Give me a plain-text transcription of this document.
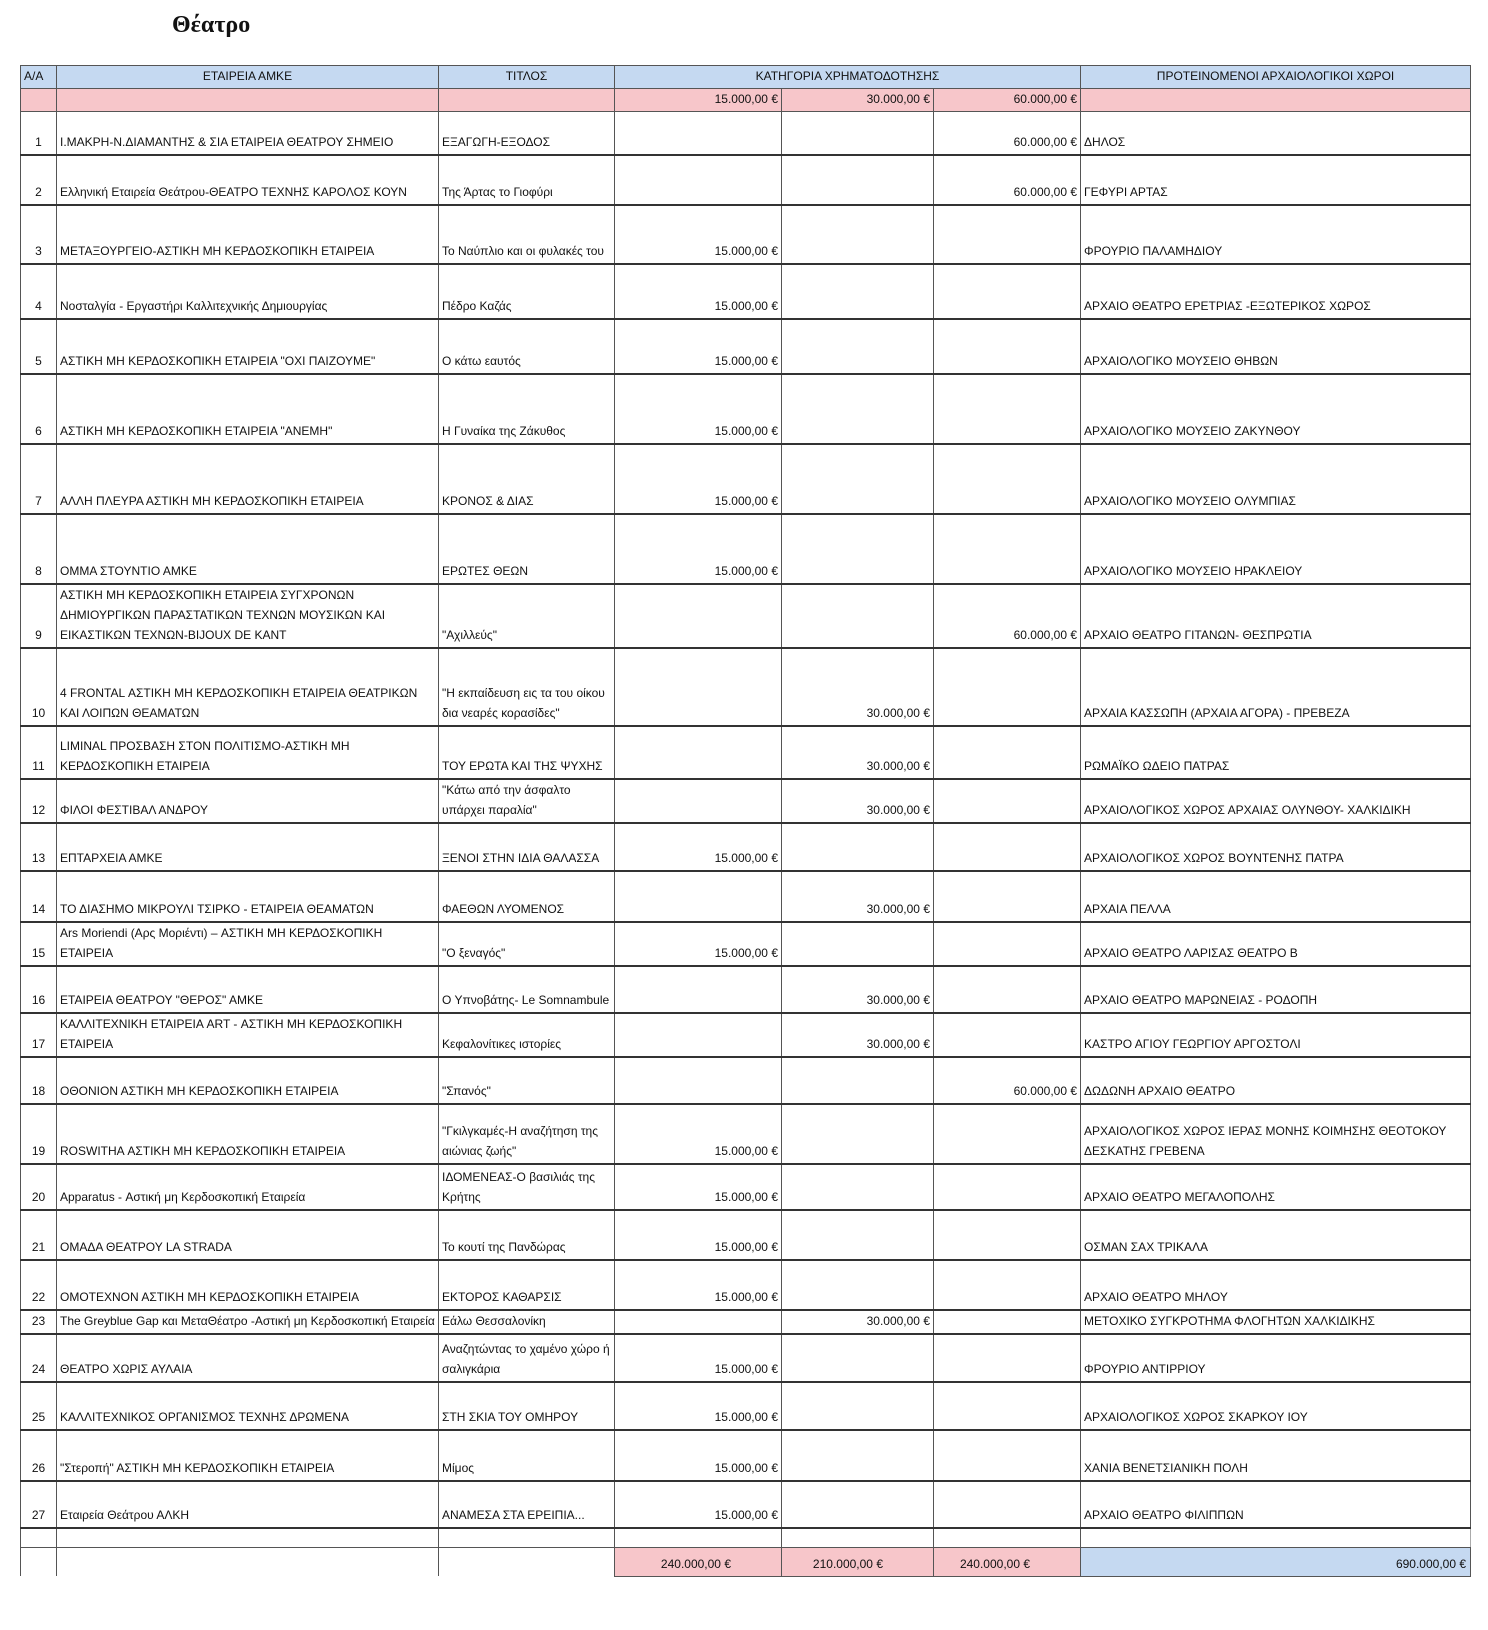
Θέατρο
Α/Α	ΕΤΑΙΡΕΙΑ ΑΜΚΕ	ΤΙΤΛΟΣ	ΚΑΤΗΓΟΡΙΑ ΧΡΗΜΑΤΟΔΟΤΗΣΗΣ			ΠΡΟΤΕΙΝΟΜΕΝΟΙ ΑΡΧΑΙΟΛΟΓΙΚΟΙ ΧΩΡΟΙ
			15.000,00 €	30.000,00 €	60.000,00 €	
1	Ι.ΜΑΚΡΗ-Ν.ΔΙΑΜΑΝΤΗΣ & ΣΙΑ ΕΤΑΙΡΕΙΑ ΘΕΑΤΡΟΥ ΣΗΜΕΙΟ	ΕΞΑΓΩΓΗ-ΕΞΟΔΟΣ			60.000,00 €	ΔΗΛΟΣ
2	Ελληνική Εταιρεία Θεάτρου-ΘΕΑΤΡΟ ΤΕΧΝΗΣ ΚΑΡΟΛΟΣ ΚΟΥΝ	Της Άρτας το Γιοφύρι			60.000,00 €	ΓΕΦΥΡΙ ΑΡΤΑΣ
3	ΜΕΤΑΞΟΥΡΓΕΙΟ-ΑΣΤΙΚΗ ΜΗ ΚΕΡΔΟΣΚΟΠΙΚΗ ΕΤΑΙΡΕΙΑ	Το Ναύπλιο και οι φυλακές του	15.000,00 €			ΦΡΟΥΡΙΟ ΠΑΛΑΜΗΔΙΟΥ
4	Νοσταλγία - Εργαστήρι Καλλιτεχνικής Δημιουργίας	Πέδρο Καζάς	15.000,00 €			ΑΡΧΑΙΟ ΘΕΑΤΡΟ ΕΡΕΤΡΙΑΣ -ΕΞΩΤΕΡΙΚΟΣ ΧΩΡΟΣ
5	ΑΣΤΙΚΗ ΜΗ ΚΕΡΔΟΣΚΟΠΙΚΗ ΕΤΑΙΡΕΙΑ "ΟΧΙ ΠΑΙΖΟΥΜΕ"	Ο κάτω εαυτός	15.000,00 €			ΑΡΧΑΙΟΛΟΓΙΚΟ ΜΟΥΣΕΙΟ ΘΗΒΩΝ
6	ΑΣΤΙΚΗ ΜΗ ΚΕΡΔΟΣΚΟΠΙΚΗ ΕΤΑΙΡΕΙΑ "ΑΝΕΜΗ"	Η Γυναίκα της Ζάκυθος	15.000,00 €			ΑΡΧΑΙΟΛΟΓΙΚΟ ΜΟΥΣΕΙΟ ΖΑΚΥΝΘΟΥ
7	ΑΛΛΗ ΠΛΕΥΡΑ ΑΣΤΙΚΗ ΜΗ ΚΕΡΔΟΣΚΟΠΙΚΗ ΕΤΑΙΡΕΙΑ	ΚΡΟΝΟΣ & ΔΙΑΣ	15.000,00 €			ΑΡΧΑΙΟΛΟΓΙΚΟ ΜΟΥΣΕΙΟ ΟΛΥΜΠΙΑΣ
8	ΟΜΜΑ ΣΤΟΥΝΤΙΟ ΑΜΚΕ	ΕΡΩΤΕΣ ΘΕΩΝ	15.000,00 €			ΑΡΧΑΙΟΛΟΓΙΚΟ ΜΟΥΣΕΙΟ ΗΡΑΚΛΕΙΟΥ
9	ΑΣΤΙΚΗ ΜΗ ΚΕΡΔΟΣΚΟΠΙΚΗ ΕΤΑΙΡΕΙΑ ΣΥΓΧΡΟΝΩΝ ΔΗΜΙΟΥΡΓΙΚΩΝ ΠΑΡΑΣΤΑΤΙΚΩΝ ΤΕΧΝΩΝ ΜΟΥΣΙΚΩΝ ΚΑΙ ΕΙΚΑΣΤΙΚΩΝ ΤΕΧΝΩΝ-BIJOUX DE KANT	"Αχιλλεύς"			60.000,00 €	ΑΡΧΑΙΟ ΘΕΑΤΡΟ ΓΙΤΑΝΩΝ- ΘΕΣΠΡΩΤΙΑ
10	4 FRONTAL ΑΣΤΙΚΗ ΜΗ ΚΕΡΔΟΣΚΟΠΙΚΗ ΕΤΑΙΡΕΙΑ ΘΕΑΤΡΙΚΩΝ ΚΑΙ ΛΟΙΠΩΝ ΘΕΑΜΑΤΩΝ	"Η εκπαίδευση εις τα του οίκου δια νεαρές κορασίδες"		30.000,00 €		ΑΡΧΑΙΑ ΚΑΣΣΩΠΗ (ΑΡΧΑΙΑ ΑΓΟΡΑ) - ΠΡΕΒΕΖΑ
11	LIMINAL ΠΡΟΣΒΑΣΗ ΣΤΟΝ ΠΟΛΙΤΙΣΜΟ-ΑΣΤΙΚΗ ΜΗ ΚΕΡΔΟΣΚΟΠΙΚΗ ΕΤΑΙΡΕΙΑ	ΤΟΥ ΕΡΩΤΑ ΚΑΙ ΤΗΣ ΨΥΧΗΣ		30.000,00 €		ΡΩΜΑΪΚΟ ΩΔΕΙΟ ΠΑΤΡΑΣ
12	ΦΙΛΟΙ ΦΕΣΤΙΒΑΛ ΑΝΔΡΟΥ	"Κάτω από την άσφαλτο υπάρχει παραλία"		30.000,00 €		ΑΡΧΑΙΟΛΟΓΙΚΟΣ ΧΩΡΟΣ ΑΡΧΑΙΑΣ ΟΛΥΝΘΟΥ- ΧΑΛΚΙΔΙΚΗ
13	ΕΠΤΑΡΧΕΙΑ ΑΜΚΕ	ΞΕΝΟΙ ΣΤΗΝ ΙΔΙΑ ΘΑΛΑΣΣΑ	15.000,00 €			ΑΡΧΑΙΟΛΟΓΙΚΟΣ ΧΩΡΟΣ ΒΟΥΝΤΕΝΗΣ ΠΑΤΡΑ
14	ΤΟ ΔΙΑΣΗΜΟ ΜΙΚΡΟΥΛΙ ΤΣΙΡΚΟ - ΕΤΑΙΡΕΙΑ ΘΕΑΜΑΤΩΝ	ΦΑΕΘΩΝ ΛΥΟΜΕΝΟΣ		30.000,00 €		ΑΡΧΑΙΑ ΠΕΛΛΑ
15	Ars Moriendi (Αρς Μοριέντι) – ΑΣΤΙΚΗ ΜΗ ΚΕΡΔΟΣΚΟΠΙΚΗ ΕΤΑΙΡΕΙΑ	"Ο ξεναγός"	15.000,00 €			ΑΡΧΑΙΟ ΘΕΑΤΡΟ ΛΑΡΙΣΑΣ ΘΕΑΤΡΟ Β
16	ΕΤΑΙΡΕΙΑ ΘΕΑΤΡΟΥ "ΘΕΡΟΣ" ΑΜΚΕ	Ο Υπνοβάτης- Le Somnambule		30.000,00 €		ΑΡΧΑΙΟ ΘΕΑΤΡΟ ΜΑΡΩΝΕΙΑΣ - ΡΟΔΟΠΗ
17	ΚΑΛΛΙΤΕΧΝΙΚΗ ΕΤΑΙΡΕΙΑ ART - ΑΣΤΙΚΗ ΜΗ ΚΕΡΔΟΣΚΟΠΙΚΗ ΕΤΑΙΡΕΙΑ	Κεφαλονίτικες ιστορίες		30.000,00 €		ΚΑΣΤΡΟ ΑΓΙΟΥ ΓΕΩΡΓΙΟΥ ΑΡΓΟΣΤΟΛΙ
18	ΟΘΟΝΙΟΝ ΑΣΤΙΚΗ ΜΗ ΚΕΡΔΟΣΚΟΠΙΚΗ ΕΤΑΙΡΕΙΑ	"Σπανός"			60.000,00 €	ΔΩΔΩΝΗ ΑΡΧΑΙΟ ΘΕΑΤΡΟ
19	ROSWITHA ΑΣΤΙΚΗ ΜΗ ΚΕΡΔΟΣΚΟΠΙΚΗ ΕΤΑΙΡΕΙΑ	"Γκιλγκαμές-Η αναζήτηση της αιώνιας ζωής"	15.000,00 €			ΑΡΧΑΙΟΛΟΓΙΚΟΣ ΧΩΡΟΣ ΙΕΡΑΣ ΜΟΝΗΣ ΚΟΙΜΗΣΗΣ ΘΕΟΤΟΚΟΥ ΔΕΣΚΑΤΗΣ ΓΡΕΒΕΝΑ
20	Apparatus - Αστική μη Κερδοσκοπική Εταιρεία	ΙΔΟΜΕΝΕΑΣ-Ο βασιλιάς της Κρήτης	15.000,00 €			ΑΡΧΑΙΟ ΘΕΑΤΡΟ ΜΕΓΑΛΟΠΟΛΗΣ
21	ΟΜΑΔΑ ΘΕΑΤΡΟΥ LA STRADA	Το κουτί της Πανδώρας	15.000,00 €			ΟΣΜΑΝ ΣΑΧ ΤΡΙΚΑΛΑ
22	ΟΜΟΤΕΧΝΟΝ ΑΣΤΙΚΗ ΜΗ ΚΕΡΔΟΣΚΟΠΙΚΗ ΕΤΑΙΡΕΙΑ	ΕΚΤΟΡΟΣ ΚΑΘΑΡΣΙΣ	15.000,00 €			ΑΡΧΑΙΟ ΘΕΑΤΡΟ ΜΗΛΟΥ
23	The Greyblue Gap και ΜεταΘέατρο -Αστική μη Κερδοσκοπική Εταιρεία	Εάλω Θεσσαλονίκη		30.000,00 €		ΜΕΤΟΧΙΚΟ ΣΥΓΚΡΟΤΗΜΑ ΦΛΟΓΗΤΩΝ ΧΑΛΚΙΔΙΚΗΣ
24	ΘΕΑΤΡΟ ΧΩΡΙΣ ΑΥΛΑΙΑ	Αναζητώντας το χαμένο χώρο ή σαλιγκάρια	15.000,00 €			ΦΡΟΥΡΙΟ ΑΝΤΙΡΡΙΟΥ
25	ΚΑΛΛΙΤΕΧΝΙΚΟΣ ΟΡΓΑΝΙΣΜΟΣ ΤΕΧΝΗΣ ΔΡΩΜΕΝΑ	ΣΤΗ ΣΚΙΑ ΤΟΥ ΟΜΗΡΟΥ	15.000,00 €			ΑΡΧΑΙΟΛΟΓΙΚΟΣ ΧΩΡΟΣ ΣΚΑΡΚΟΥ ΙΟΥ
26	"Στεροπή" ΑΣΤΙΚΗ ΜΗ ΚΕΡΔΟΣΚΟΠΙΚΗ ΕΤΑΙΡΕΙΑ	Μίμος	15.000,00 €			ΧΑΝΙΑ ΒΕΝΕΤΣΙΑΝΙΚΗ ΠΟΛΗ
27	Εταιρεία Θεάτρου ΑΛΚΗ	ΑΝΑΜΕΣΑ ΣΤΑ ΕΡΕΙΠΙΑ...	15.000,00 €			ΑΡΧΑΙΟ ΘΕΑΤΡΟ ΦΙΛΙΠΠΩΝ

			240.000,00 €	210.000,00 €	240.000,00 €	690.000,00 €
